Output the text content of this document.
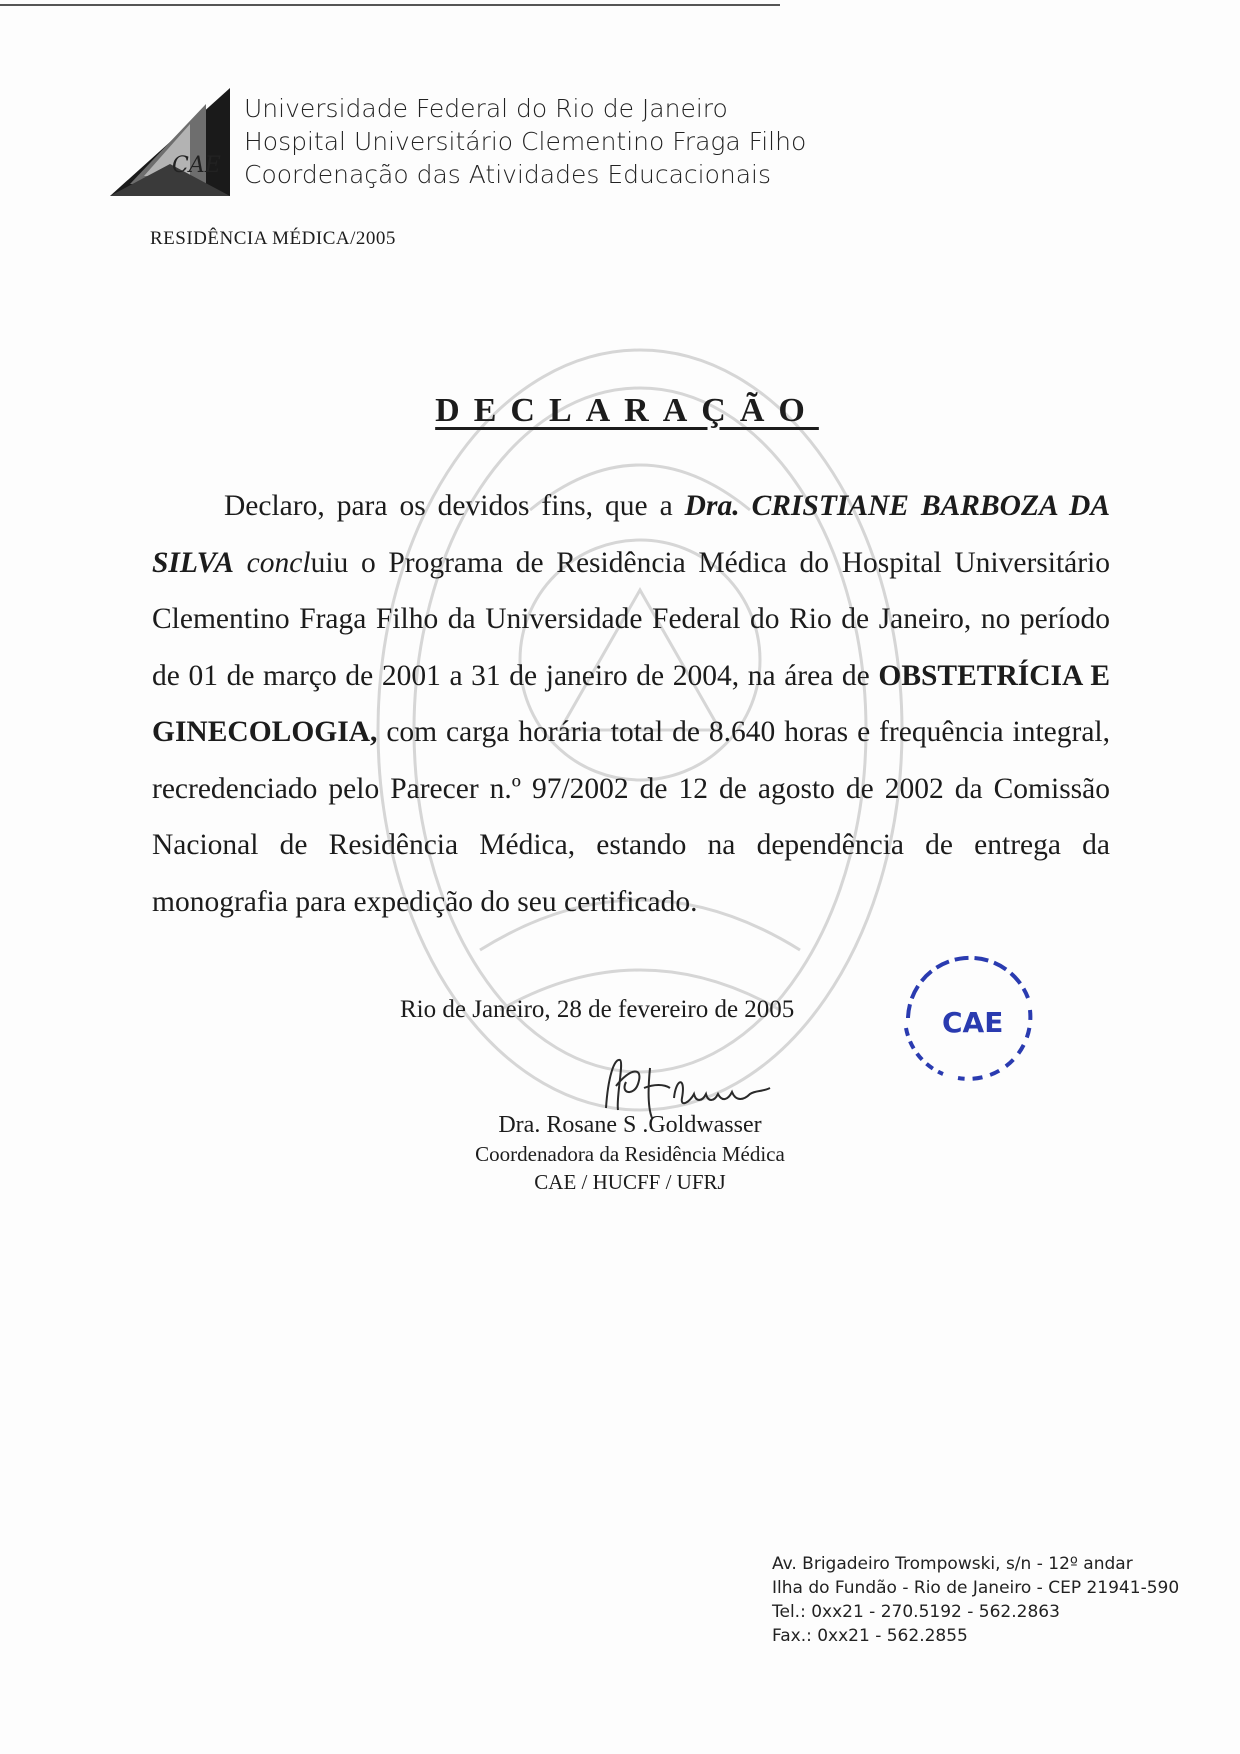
CAE
Universidade Federal do Rio de Janeiro
Hospital Universitário Clementino Fraga Filho
Coordenação das Atividades Educacionais
RESIDÊNCIA MÉDICA/2005
DECLARAÇÃO
Declaro, para os devidos fins, que a Dra. CRISTIANE BARBOZA DA SILVA concluiu o Programa de Residência Médica do Hospital Universitário Clementino Fraga Filho da Universidade Federal do Rio de Janeiro, no período de 01 de março de 2001 a 31 de janeiro de 2004, na área de OBSTETRÍCIA E GINECOLOGIA, com carga horária total de 8.640 horas e frequência integral, recredenciado pelo Parecer n.º 97/2002 de 12 de agosto de 2002 da Comissão Nacional de Residência Médica, estando na dependência de entrega da monografia para expedição do seu certificado.
Rio de Janeiro, 28 de fevereiro de 2005	CAE
Dra. Rosane S .Goldwasser
Coordenadora da Residência Médica
CAE / HUCFF / UFRJ
Av. Brigadeiro Trompowski, s/n - 12º andar
Ilha do Fundão - Rio de Janeiro - CEP 21941-590
Tel.: 0xx21 - 270.5192 - 562.2863
Fax.: 0xx21 - 562.2855
